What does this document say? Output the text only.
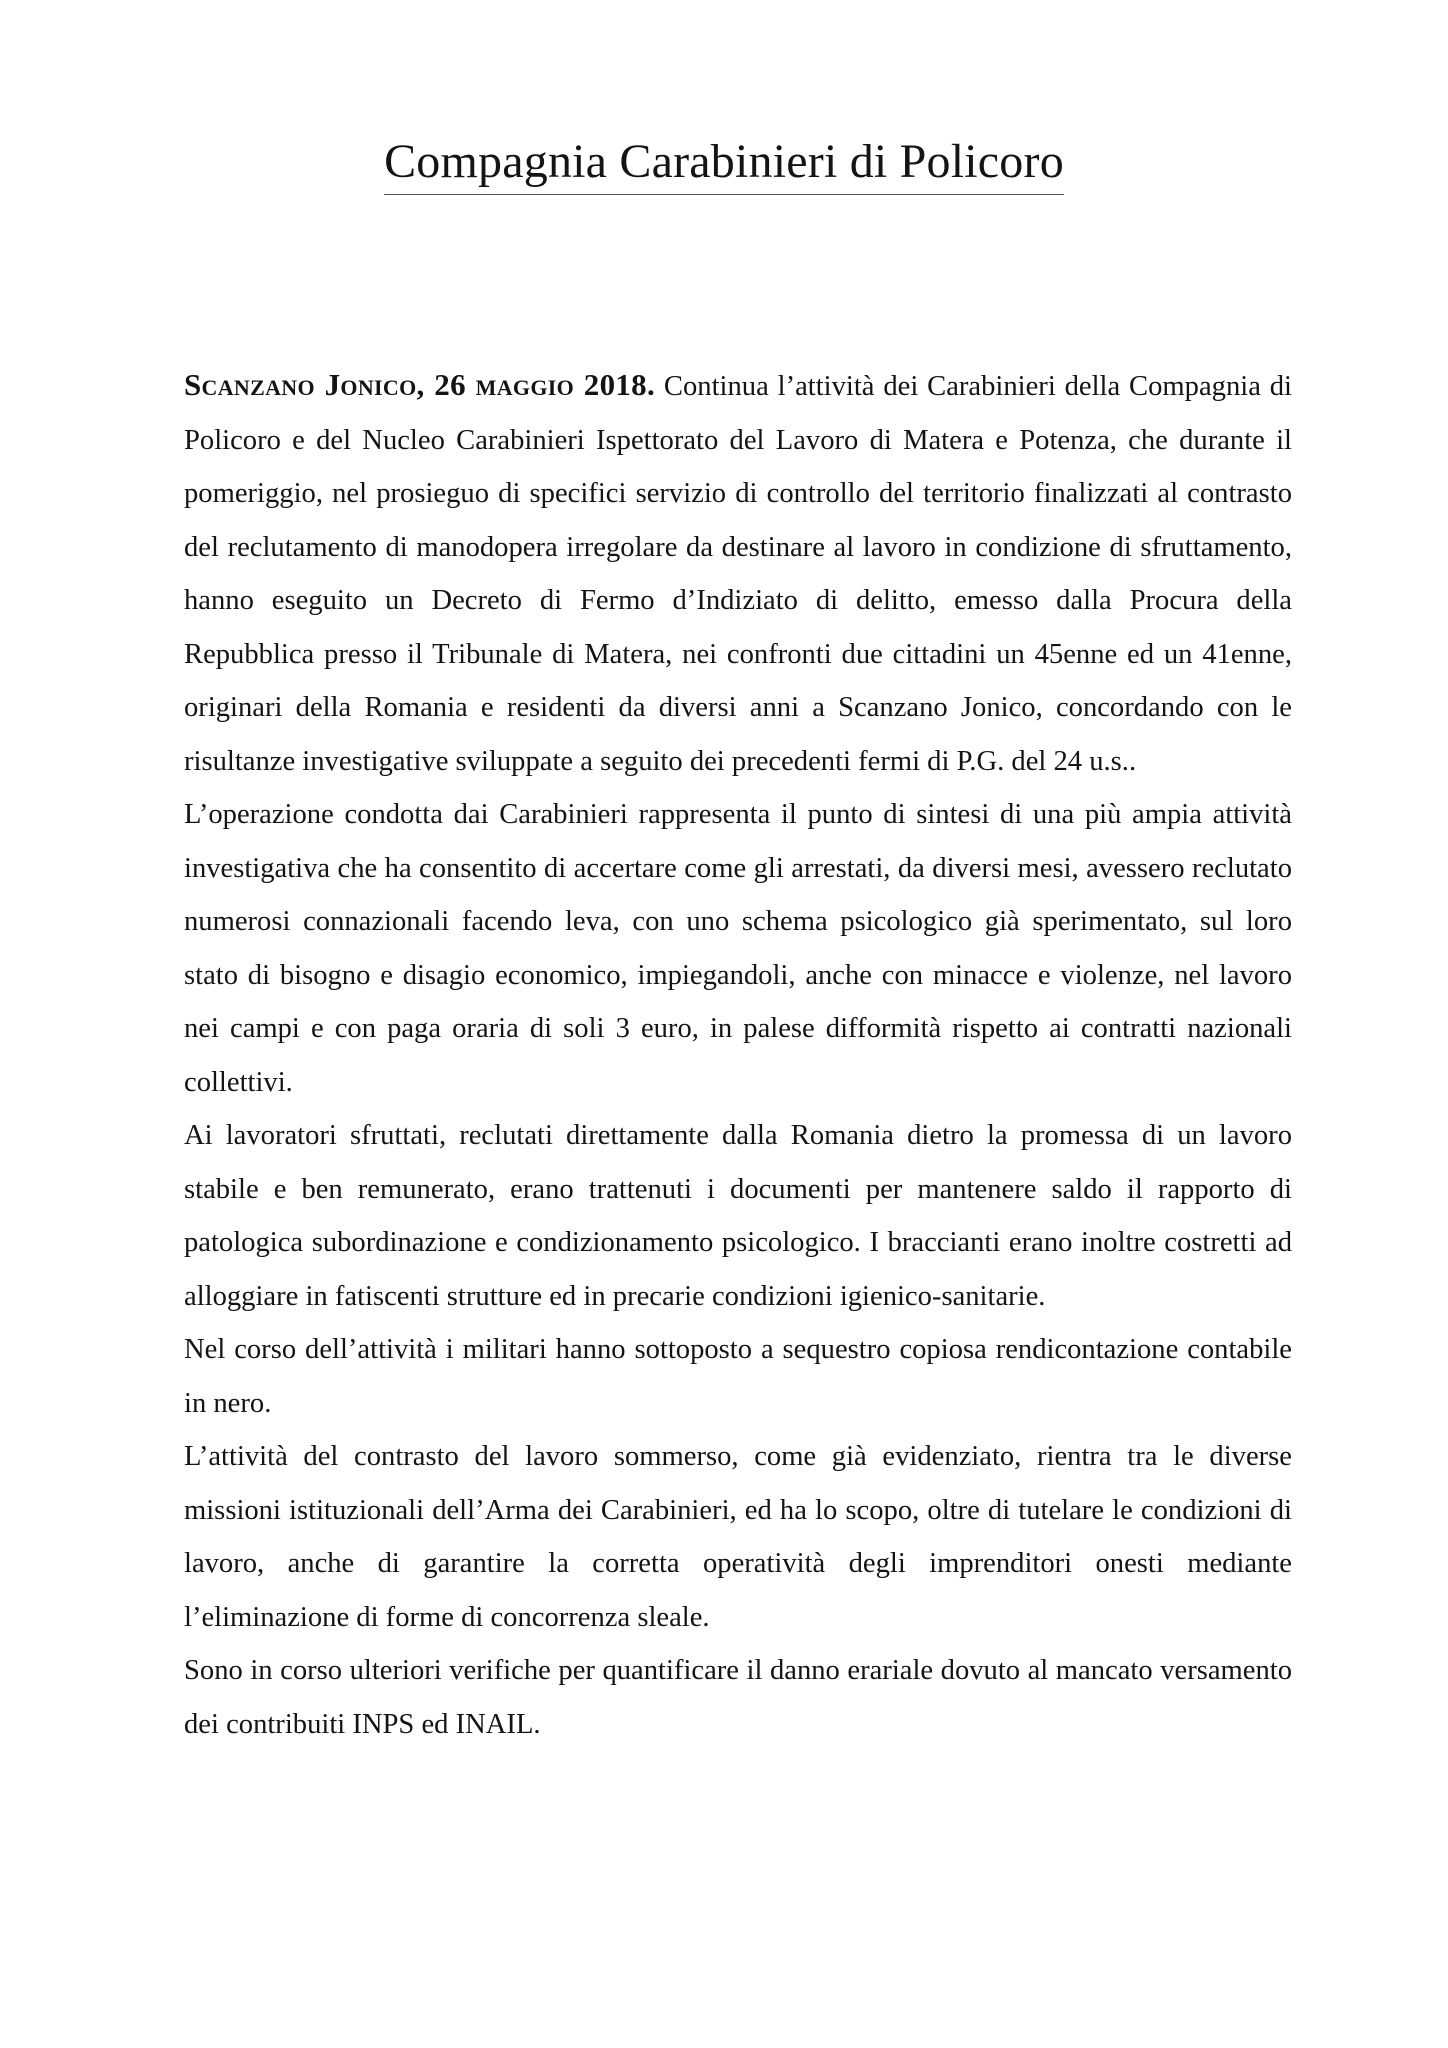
Compagnia Carabinieri di Policoro

Scanzano Jonico, 26 maggio 2018. Continua l’attività dei Carabinieri della Compagnia di Policoro e del Nucleo Carabinieri Ispettorato del Lavoro di Matera e Potenza, che durante il pomeriggio, nel prosieguo di specifici servizio di controllo del territorio finalizzati al contrasto del reclutamento di manodopera irregolare da destinare al lavoro in condizione di sfruttamento, hanno eseguito un Decreto di Fermo d’Indiziato di delitto, emesso dalla Procura della Repubblica presso il Tribunale di Matera, nei confronti due cittadini un 45enne ed un 41enne, originari della Romania e residenti da diversi anni a Scanzano Jonico, concordando con le risultanze investigative sviluppate a seguito dei precedenti fermi di P.G. del 24 u.s..

L’operazione condotta dai Carabinieri rappresenta il punto di sintesi di una più ampia attività investigativa che ha consentito di accertare come gli arrestati, da diversi mesi, avessero reclutato numerosi connazionali facendo leva, con uno schema psicologico già sperimentato, sul loro stato di bisogno e disagio economico, impiegandoli, anche con minacce e violenze, nel lavoro nei campi e con paga oraria di soli 3 euro, in palese difformità rispetto ai contratti nazionali collettivi.

Ai lavoratori sfruttati, reclutati direttamente dalla Romania dietro la promessa di un lavoro stabile e ben remunerato, erano trattenuti i documenti per mantenere saldo il rapporto di patologica subordinazione e condizionamento psicologico. I braccianti erano inoltre costretti ad alloggiare in fatiscenti strutture ed in precarie condizioni igienico-sanitarie.

Nel corso dell’attività i militari hanno sottoposto a sequestro copiosa rendicontazione contabile in nero.

L’attività del contrasto del lavoro sommerso, come già evidenziato, rientra tra le diverse missioni istituzionali dell’Arma dei Carabinieri, ed ha lo scopo, oltre di tutelare le condizioni di lavoro, anche di garantire la corretta operatività degli imprenditori onesti mediante l’eliminazione di forme di concorrenza sleale.

Sono in corso ulteriori verifiche per quantificare il danno erariale dovuto al mancato versamento dei contribuiti INPS ed INAIL.
